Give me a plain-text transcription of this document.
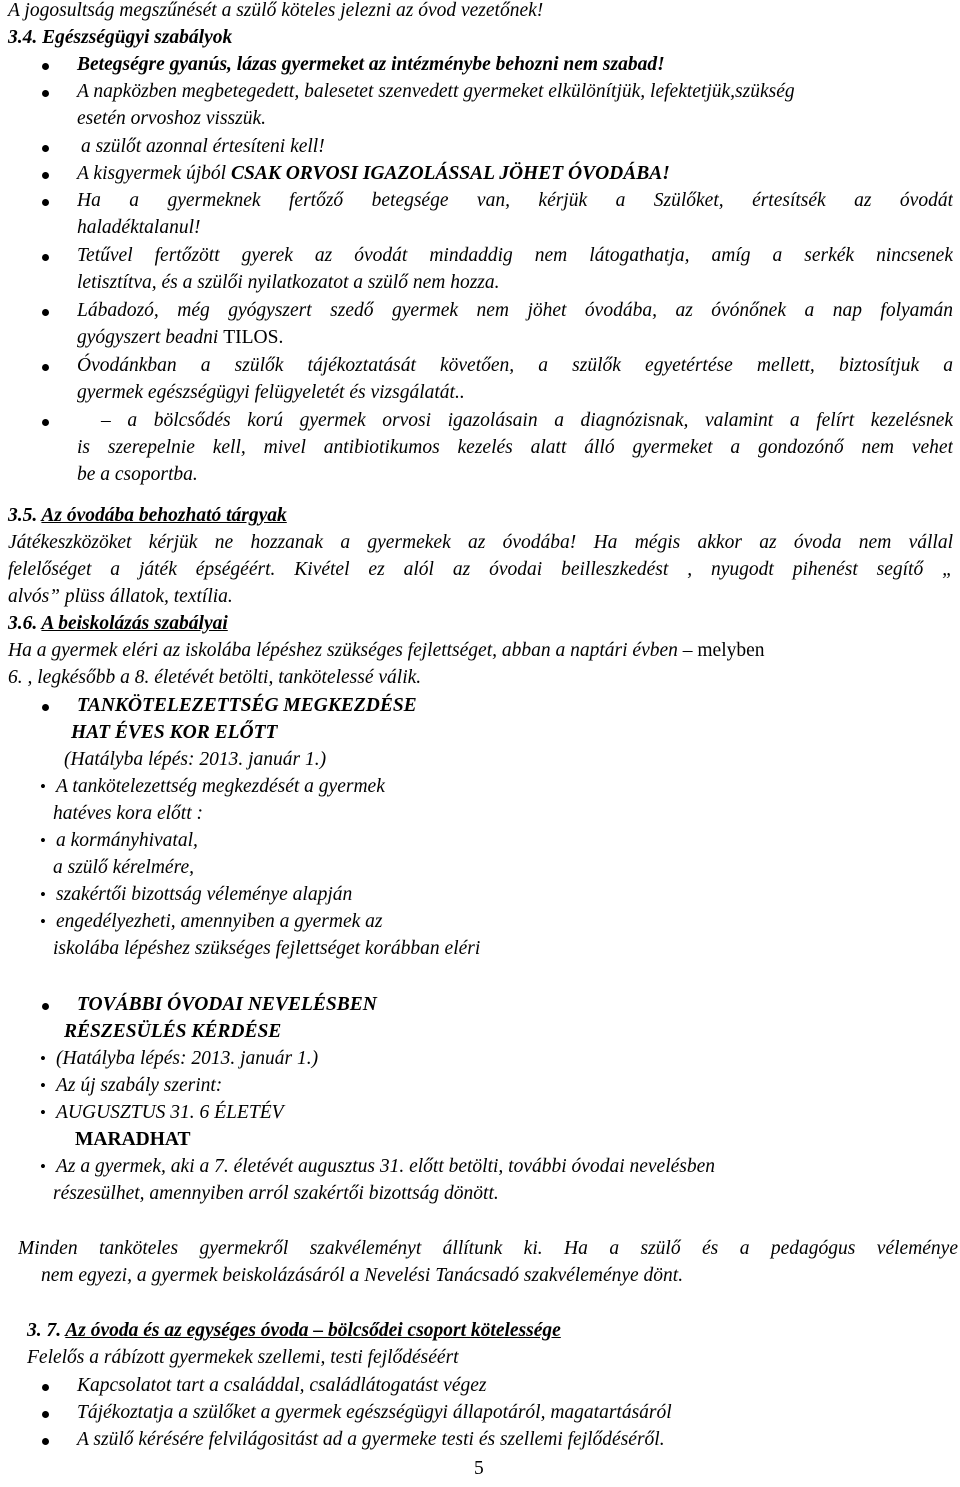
A jogosultság megszűnését a szülő köteles jelezni az óvod vezetőnek!
3.4. Egészségügyi szabályok
Betegségre gyanús, lázas gyermeket az intézménybe behozni nem szabad!
A napközben megbetegedett, balesetet szenvedett gyermeket elkülönítjük, lefektetjük,szükség
esetén orvoshoz visszük.
a szülőt azonnal értesíteni kell!
A kisgyermek újból CSAK ORVOSI IGAZOLÁSSAL JÖHET ÓVODÁBA!
Ha a gyermeknek fertőző betegsége van, kérjük a Szülőket, értesítsék az óvodát
haladéktalanul!
Tetűvel fertőzött gyerek az óvodát mindaddig nem látogathatja, amíg a serkék nincsenek
letisztítva, és a szülői nyilatkozatot a szülő nem hozza.
Lábadozó, még gyógyszert szedő gyermek nem jöhet óvodába, az óvónőnek a nap folyamán
gyógyszert beadni TILOS.
Óvodánkban a szülők tájékoztatását követően, a szülők egyetértése mellett, biztosítjuk a
gyermek egészségügyi felügyeletét és vizsgálatát..
– a bölcsődés korú gyermek orvosi igazolásain a diagnózisnak, valamint a felírt kezelésnek
is szerepelnie kell, mivel antibiotikumos kezelés alatt álló gyermeket a gondozónő nem vehet
be a csoportba.
3.5. Az óvodába behozható tárgyak
Játékeszközöket kérjük ne hozzanak a gyermekek az óvodába! Ha mégis akkor az óvoda nem vállal
felelőséget a játék épségéért. Kivétel ez alól az óvodai beilleszkedést , nyugodt pihenést segítő „
alvós” plüss állatok, textília.
3.6. A beiskolázás szabályai
Ha a gyermek eléri az iskolába lépéshez szükséges fejlettséget, abban a naptári évben – melyben
6. , legkésőbb a 8. életévét betölti, tankötelessé válik.
TANKÖTELEZETTSÉG MEGKEZDÉSE
HAT ÉVES KOR ELŐTT
(Hatályba lépés: 2013. január 1.)
• A tankötelezettség megkezdését a gyermek
hatéves kora előtt :
• a kormányhivatal,
a szülő kérelmére,
• szakértői bizottság véleménye alapján
• engedélyezheti, amennyiben a gyermek az
iskolába lépéshez szükséges fejlettséget korábban eléri
TOVÁBBI ÓVODAI NEVELÉSBEN
RÉSZESÜLÉS KÉRDÉSE
• (Hatályba lépés: 2013. január 1.)
• Az új szabály szerint:
• AUGUSZTUS 31. 6 ÉLETÉV
MARADHAT
• Az a gyermek, aki a 7. életévét augusztus 31. előtt betölti, további óvodai nevelésben
részesülhet, amennyiben arról szakértői bizottság dönött.
Minden tanköteles gyermekről szakvéleményt állítunk ki. Ha a szülő és a pedagógus véleménye
nem egyezi, a gyermek beiskolázásáról a Nevelési Tanácsadó szakvéleménye dönt.
3. 7. Az óvoda és az egységes óvoda – bölcsődei csoport kötelessége
Felelős a rábízott gyermekek szellemi, testi fejlődéséért
Kapcsolatot tart a családdal, családlátogatást végez
Tájékoztatja a szülőket a gyermek egészségügyi állapotáról, magatartásáról
A szülő kérésére felvilágositást ad a gyermeke testi és szellemi fejlődéséről.
5
